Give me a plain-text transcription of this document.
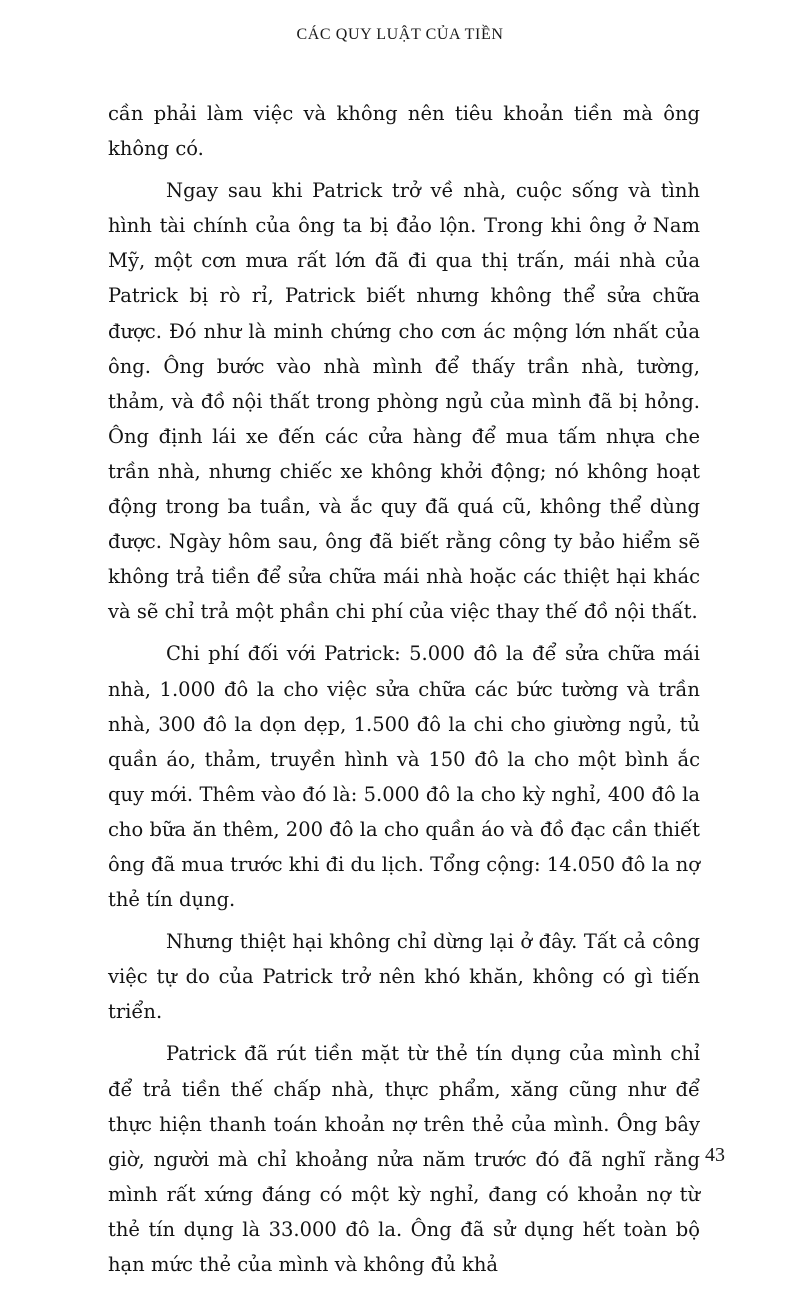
CÁC QUY LUẬT CỦA TIỀN

cần phải làm việc và không nên tiêu khoản tiền mà ông không có.

Ngay sau khi Patrick trở về nhà, cuộc sống và tình hình tài chính của ông ta bị đảo lộn. Trong khi ông ở Nam Mỹ, một cơn mưa rất lớn đã đi qua thị trấn, mái nhà của Patrick bị rò rỉ, Patrick biết nhưng không thể sửa chữa được. Đó như là minh chứng cho cơn ác mộng lớn nhất của ông. Ông bước vào nhà mình để thấy trần nhà, tường, thảm, và đồ nội thất trong phòng ngủ của mình đã bị hỏng. Ông định lái xe đến các cửa hàng để mua tấm nhựa che trần nhà, nhưng chiếc xe không khởi động; nó không hoạt động trong ba tuần, và ắc quy đã quá cũ, không thể dùng được. Ngày hôm sau, ông đã biết rằng công ty bảo hiểm sẽ không trả tiền để sửa chữa mái nhà hoặc các thiệt hại khác và sẽ chỉ trả một phần chi phí của việc thay thế đồ nội thất.

Chi phí đối với Patrick: 5.000 đô la để sửa chữa mái nhà, 1.000 đô la cho việc sửa chữa các bức tường và trần nhà, 300 đô la dọn dẹp, 1.500 đô la chi cho giường ngủ, tủ quần áo, thảm, truyền hình và 150 đô la cho một bình ắc quy mới. Thêm vào đó là: 5.000 đô la cho kỳ nghỉ, 400 đô la cho bữa ăn thêm, 200 đô la cho quần áo và đồ đạc cần thiết ông đã mua trước khi đi du lịch. Tổng cộng: 14.050 đô la nợ thẻ tín dụng.

Nhưng thiệt hại không chỉ dừng lại ở đây. Tất cả công việc tự do của Patrick trở nên khó khăn, không có gì tiến triển.

Patrick đã rút tiền mặt từ thẻ tín dụng của mình chỉ để trả tiền thế chấp nhà, thực phẩm, xăng cũng như để thực hiện thanh toán khoản nợ trên thẻ của mình. Ông bây giờ, người mà chỉ khoảng nửa năm trước đó đã nghĩ rằng mình rất xứng đáng có một kỳ nghỉ, đang có khoản nợ từ thẻ tín dụng là 33.000 đô la. Ông đã sử dụng hết toàn bộ hạn mức thẻ của mình và không đủ khả

43
